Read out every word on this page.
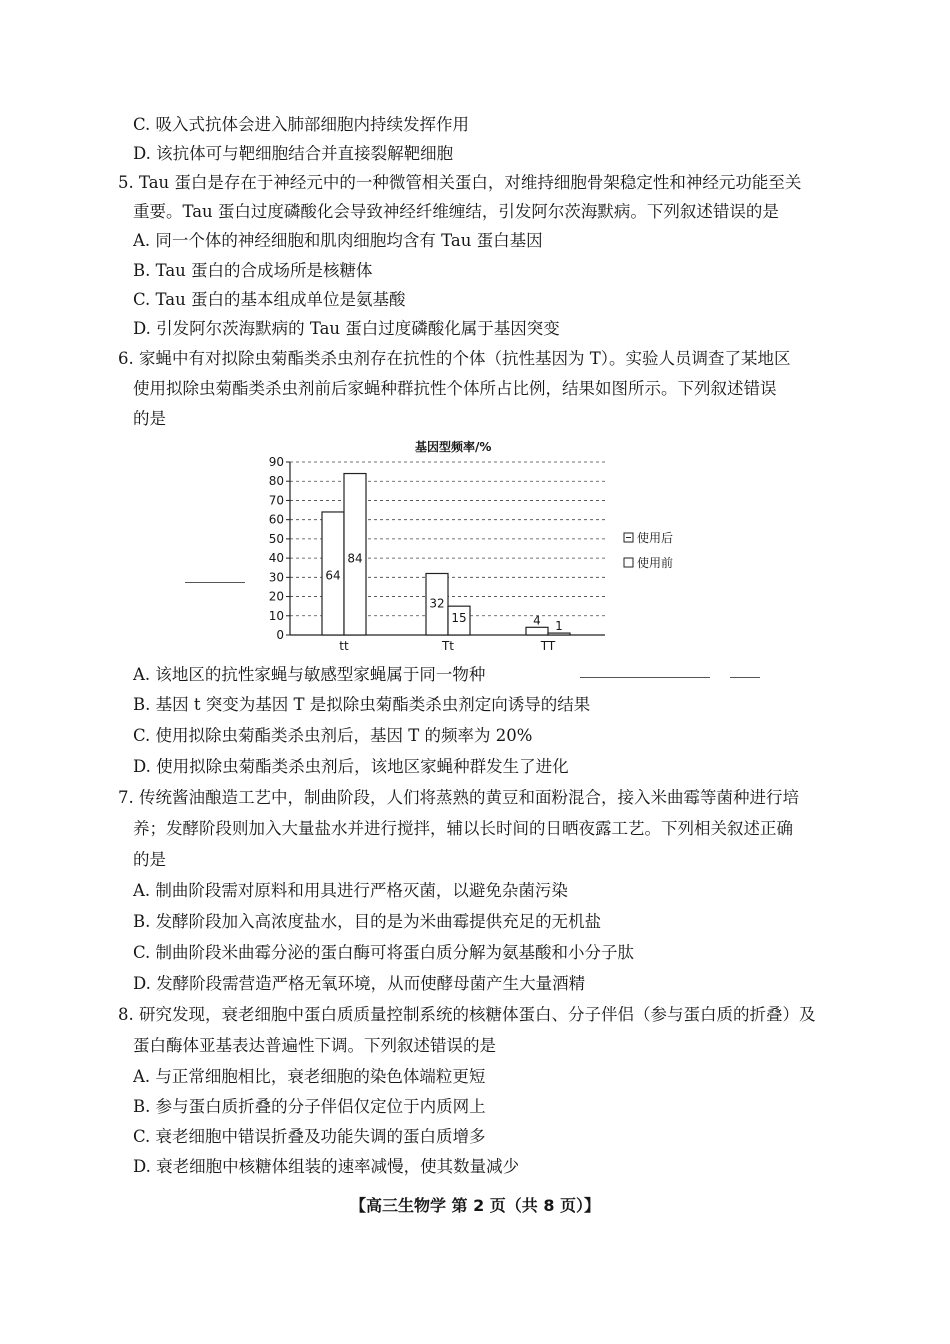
C. 吸入式抗体会进入肺部细胞内持续发挥作用
D. 该抗体可与靶细胞结合并直接裂解靶细胞
5. Tau 蛋白是存在于神经元中的一种微管相关蛋白，对维持细胞骨架稳定性和神经元功能至关
重要。Tau 蛋白过度磷酸化会导致神经纤维缠结，引发阿尔茨海默病。下列叙述错误的是
A. 同一个体的神经细胞和肌肉细胞均含有 Tau 蛋白基因
B. Tau 蛋白的合成场所是核糖体
C. Tau 蛋白的基本组成单位是氨基酸
D. 引发阿尔茨海默病的 Tau 蛋白过度磷酸化属于基因突变
6. 家蝇中有对拟除虫菊酯类杀虫剂存在抗性的个体（抗性基因为 T）。实验人员调查了某地区
使用拟除虫菊酯类杀虫剂前后家蝇种群抗性个体所占比例，结果如图所示。下列叙述错误
的是
基因型频率/%
0
10
20
30
40
50
60
70
80
90
64
84
32
15	4 1
tt	Tt	TT
使用后
使用前
A. 该地区的抗性家蝇与敏感型家蝇属于同一物种
B. 基因 t 突变为基因 T 是拟除虫菊酯类杀虫剂定向诱导的结果
C. 使用拟除虫菊酯类杀虫剂后，基因 T 的频率为 20%
D. 使用拟除虫菊酯类杀虫剂后，该地区家蝇种群发生了进化
7. 传统酱油酿造工艺中，制曲阶段，人们将蒸熟的黄豆和面粉混合，接入米曲霉等菌种进行培
养；发酵阶段则加入大量盐水并进行搅拌，辅以长时间的日晒夜露工艺。下列相关叙述正确
的是
A. 制曲阶段需对原料和用具进行严格灭菌，以避免杂菌污染
B. 发酵阶段加入高浓度盐水，目的是为米曲霉提供充足的无机盐
C. 制曲阶段米曲霉分泌的蛋白酶可将蛋白质分解为氨基酸和小分子肽
D. 发酵阶段需营造严格无氧环境，从而使酵母菌产生大量酒精
8. 研究发现，衰老细胞中蛋白质质量控制系统的核糖体蛋白、分子伴侣（参与蛋白质的折叠）及
蛋白酶体亚基表达普遍性下调。下列叙述错误的是
A. 与正常细胞相比，衰老细胞的染色体端粒更短
B. 参与蛋白质折叠的分子伴侣仅定位于内质网上
C. 衰老细胞中错误折叠及功能失调的蛋白质增多
D. 衰老细胞中核糖体组装的速率减慢，使其数量减少
【高三生物学 第 2 页（共 8 页）】
